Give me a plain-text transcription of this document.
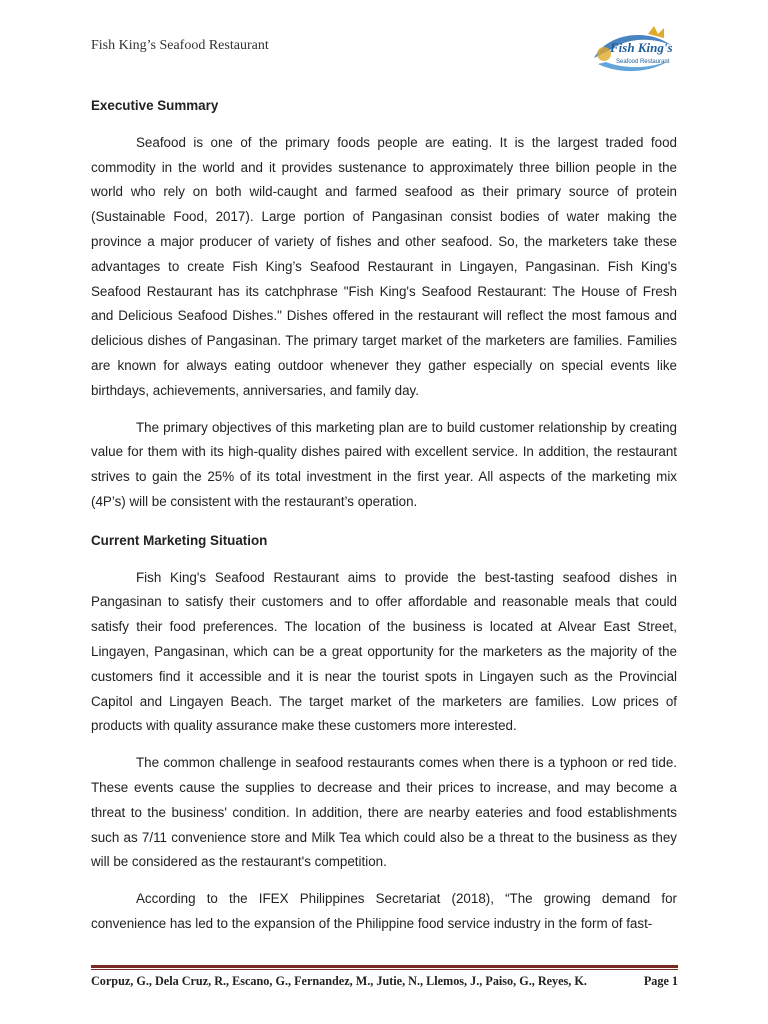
Fish King’s Seafood Restaurant	Fish King's
Seafood Restaurant
Executive Summary

Seafood is one of the primary foods people are eating. It is the largest traded food commodity in the world and it provides sustenance to approximately three billion people in the world who rely on both wild-caught and farmed seafood as their primary source of protein (Sustainable Food, 2017). Large portion of Pangasinan consist bodies of water making the province a major producer of variety of fishes and other seafood. So, the marketers take these advantages to create Fish King’s Seafood Restaurant in Lingayen, Pangasinan. Fish King's Seafood Restaurant has its catchphrase "Fish King's Seafood Restaurant: The House of Fresh and Delicious Seafood Dishes." Dishes offered in the restaurant will reflect the most famous and delicious dishes of Pangasinan. The primary target market of the marketers are families. Families are known for always eating outdoor whenever they gather especially on special events like birthdays, achievements, anniversaries, and family day.

The primary objectives of this marketing plan are to build customer relationship by creating value for them with its high-quality dishes paired with excellent service. In addition, the restaurant strives to gain the 25% of its total investment in the first year. All aspects of the marketing mix (4P’s) will be consistent with the restaurant’s operation.

Current Marketing Situation

Fish King's Seafood Restaurant aims to provide the best-tasting seafood dishes in Pangasinan to satisfy their customers and to offer affordable and reasonable meals that could satisfy their food preferences. The location of the business is located at Alvear East Street, Lingayen, Pangasinan, which can be a great opportunity for the marketers as the majority of the customers find it accessible and it is near the tourist spots in Lingayen such as the Provincial Capitol and Lingayen Beach. The target market of the marketers are families. Low prices of products with quality assurance make these customers more interested.

The common challenge in seafood restaurants comes when there is a typhoon or red tide. These events cause the supplies to decrease and their prices to increase, and may become a threat to the business' condition. In addition, there are nearby eateries and food establishments such as 7/11 convenience store and Milk Tea which could also be a threat to the business as they will be considered as the restaurant's competition.

According to the IFEX Philippines Secretariat (2018), “The growing demand for convenience has led to the expansion of the Philippine food service industry in the form of fast-

Corpuz, G., Dela Cruz, R., Escano, G., Fernandez, M., Jutie, N., Llemos, J., Paiso, G., Reyes, K.	Page 1
